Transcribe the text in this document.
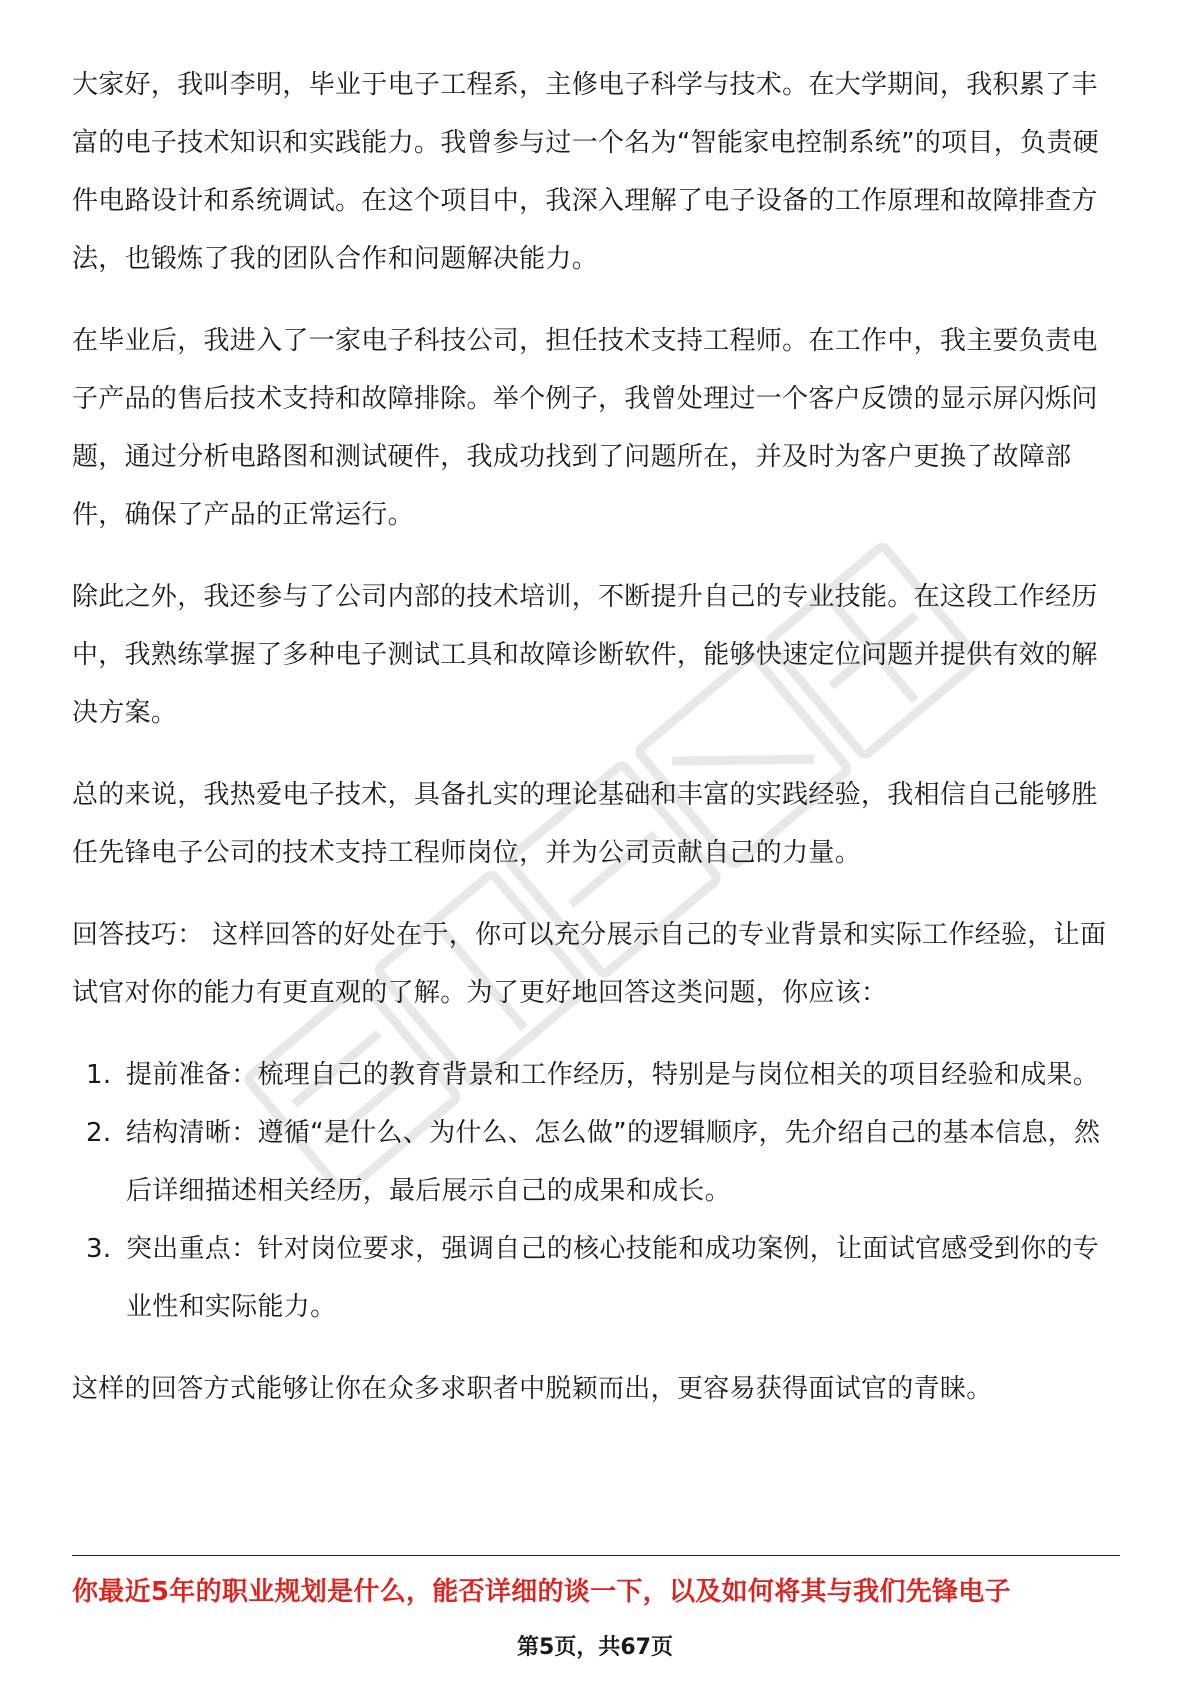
大家好，我叫李明，毕业于电子工程系，主修电子科学与技术。在大学期间，我积累了丰富的电子技术知识和实践能力。我曾参与过一个名为“智能家电控制系统”的项目，负责硬件电路设计和系统调试。在这个项目中，我深入理解了电子设备的工作原理和故障排查方法，也锻炼了我的团队合作和问题解决能力。

在毕业后，我进入了一家电子科技公司，担任技术支持工程师。在工作中，我主要负责电子产品的售后技术支持和故障排除。举个例子，我曾处理过一个客户反馈的显示屏闪烁问题，通过分析电路图和测试硬件，我成功找到了问题所在，并及时为客户更换了故障部件，确保了产品的正常运行。

除此之外，我还参与了公司内部的技术培训，不断提升自己的专业技能。在这段工作经历中，我熟练掌握了多种电子测试工具和故障诊断软件，能够快速定位问题并提供有效的解决方案。

总的来说，我热爱电子技术，具备扎实的理论基础和丰富的实践经验，我相信自己能够胜任先锋电子公司的技术支持工程师岗位，并为公司贡献自己的力量。

回答技巧： 这样回答的好处在于，你可以充分展示自己的专业背景和实际工作经验，让面试官对你的能力有更直观的了解。为了更好地回答这类问题，你应该：

1. 提前准备：梳理自己的教育背景和工作经历，特别是与岗位相关的项目经验和成果。
2. 结构清晰：遵循“是什么、为什么、怎么做”的逻辑顺序，先介绍自己的基本信息，然后详细描述相关经历，最后展示自己的成果和成长。
3. 突出重点：针对岗位要求，强调自己的核心技能和成功案例，让面试官感受到你的专业性和实际能力。

这样的回答方式能够让你在众多求职者中脱颖而出，更容易获得面试官的青睐。

你最近5年的职业规划是什么，能否详细的谈一下，以及如何将其与我们先锋电子
第5页，共67页
